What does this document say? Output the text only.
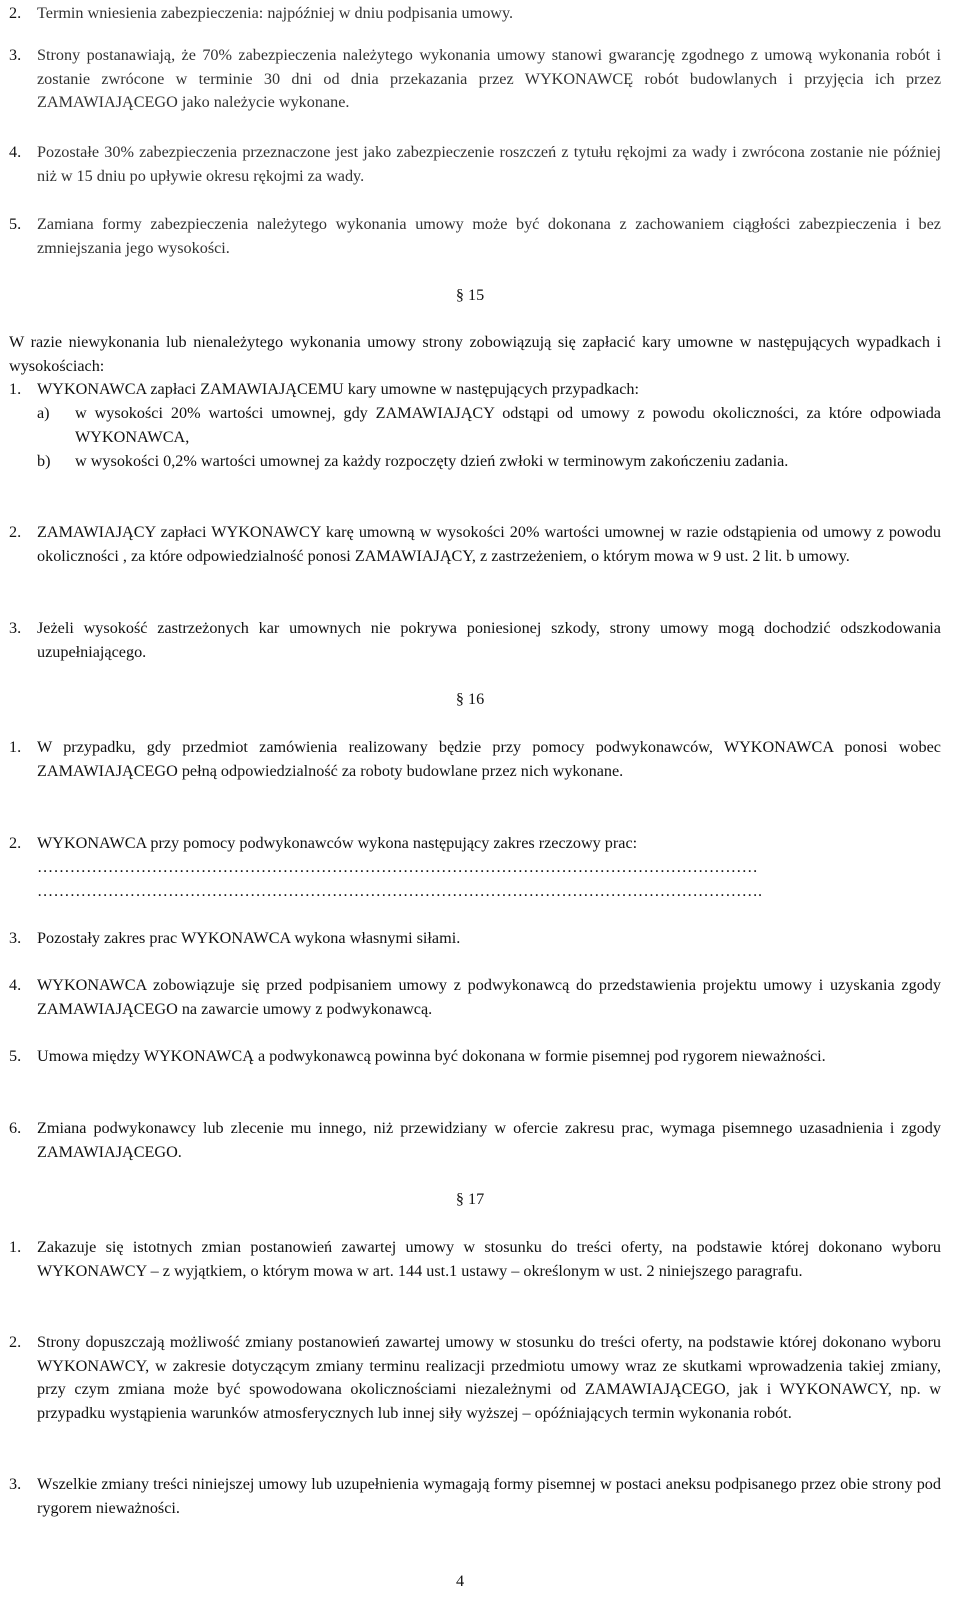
2. Termin wniesienia zabezpieczenia: najpóźniej w dniu podpisania umowy.
3. Strony postanawiają, że 70% zabezpieczenia należytego wykonania umowy stanowi gwarancję zgodnego z umową wykonania robót i zostanie zwrócone w terminie 30 dni od dnia przekazania przez WYKONAWCĘ robót budowlanych i przyjęcia ich przez ZAMAWIAJĄCEGO jako należycie wykonane.
4. Pozostałe 30% zabezpieczenia przeznaczone jest jako zabezpieczenie roszczeń z tytułu rękojmi za wady i zwrócona zostanie nie później niż w 15 dniu po upływie okresu rękojmi za wady.
5. Zamiana formy zabezpieczenia należytego wykonania umowy może być dokonana z zachowaniem ciągłości zabezpieczenia i bez zmniejszania jego wysokości.
§ 15
W razie niewykonania lub nienależytego wykonania umowy strony zobowiązują się zapłacić kary umowne w następujących wypadkach i wysokościach:
1. WYKONAWCA zapłaci ZAMAWIAJĄCEMU kary umowne w następujących przypadkach:
a) w wysokości 20% wartości umownej, gdy ZAMAWIAJĄCY odstąpi od umowy z powodu okoliczności, za które odpowiada WYKONAWCA,
b) w wysokości 0,2% wartości umownej za każdy rozpoczęty dzień zwłoki w terminowym zakończeniu zadania.
2. ZAMAWIAJĄCY zapłaci WYKONAWCY karę umowną w wysokości 20% wartości umownej w razie odstąpienia od umowy z powodu okoliczności , za które odpowiedzialność ponosi ZAMAWIAJĄCY, z zastrzeżeniem, o którym mowa w 9 ust. 2 lit. b umowy.
3. Jeżeli wysokość zastrzeżonych kar umownych nie pokrywa poniesionej szkody, strony umowy mogą dochodzić odszkodowania uzupełniającego.
§ 16
1. W przypadku, gdy przedmiot zamówienia realizowany będzie przy pomocy podwykonawców, WYKONAWCA ponosi wobec ZAMAWIAJĄCEGO pełną odpowiedzialność za roboty budowlane przez nich wykonane.
2. WYKONAWCA przy pomocy podwykonawców wykona następujący zakres rzeczowy prac:
……………………………………………………………………………………………………………………
…………………………………………………………………………………………………………………….
3. Pozostały zakres prac WYKONAWCA wykona własnymi siłami.
4. WYKONAWCA zobowiązuje się przed podpisaniem umowy z podwykonawcą do przedstawienia projektu umowy i uzyskania zgody ZAMAWIAJĄCEGO na zawarcie umowy z podwykonawcą.
5. Umowa między WYKONAWCĄ a podwykonawcą powinna być dokonana w formie pisemnej pod rygorem nieważności.
6. Zmiana podwykonawcy lub zlecenie mu innego, niż przewidziany w ofercie zakresu prac, wymaga pisemnego uzasadnienia i zgody ZAMAWIAJĄCEGO.
§ 17
1. Zakazuje się istotnych zmian postanowień zawartej umowy w stosunku do treści oferty, na podstawie której dokonano wyboru WYKONAWCY – z wyjątkiem, o którym mowa w art. 144 ust.1 ustawy – określonym w ust. 2 niniejszego paragrafu.
2. Strony dopuszczają możliwość zmiany postanowień zawartej umowy w stosunku do treści oferty, na podstawie której dokonano wyboru WYKONAWCY, w zakresie dotyczącym zmiany terminu realizacji przedmiotu umowy wraz ze skutkami wprowadzenia takiej zmiany, przy czym zmiana może być spowodowana okolicznościami niezależnymi od ZAMAWIAJĄCEGO, jak i WYKONAWCY, np. w przypadku wystąpienia warunków atmosferycznych lub innej siły wyższej – opóźniających termin wykonania robót.
3. Wszelkie zmiany treści niniejszej umowy lub uzupełnienia wymagają formy pisemnej w postaci aneksu podpisanego przez obie strony pod rygorem nieważności.
4
